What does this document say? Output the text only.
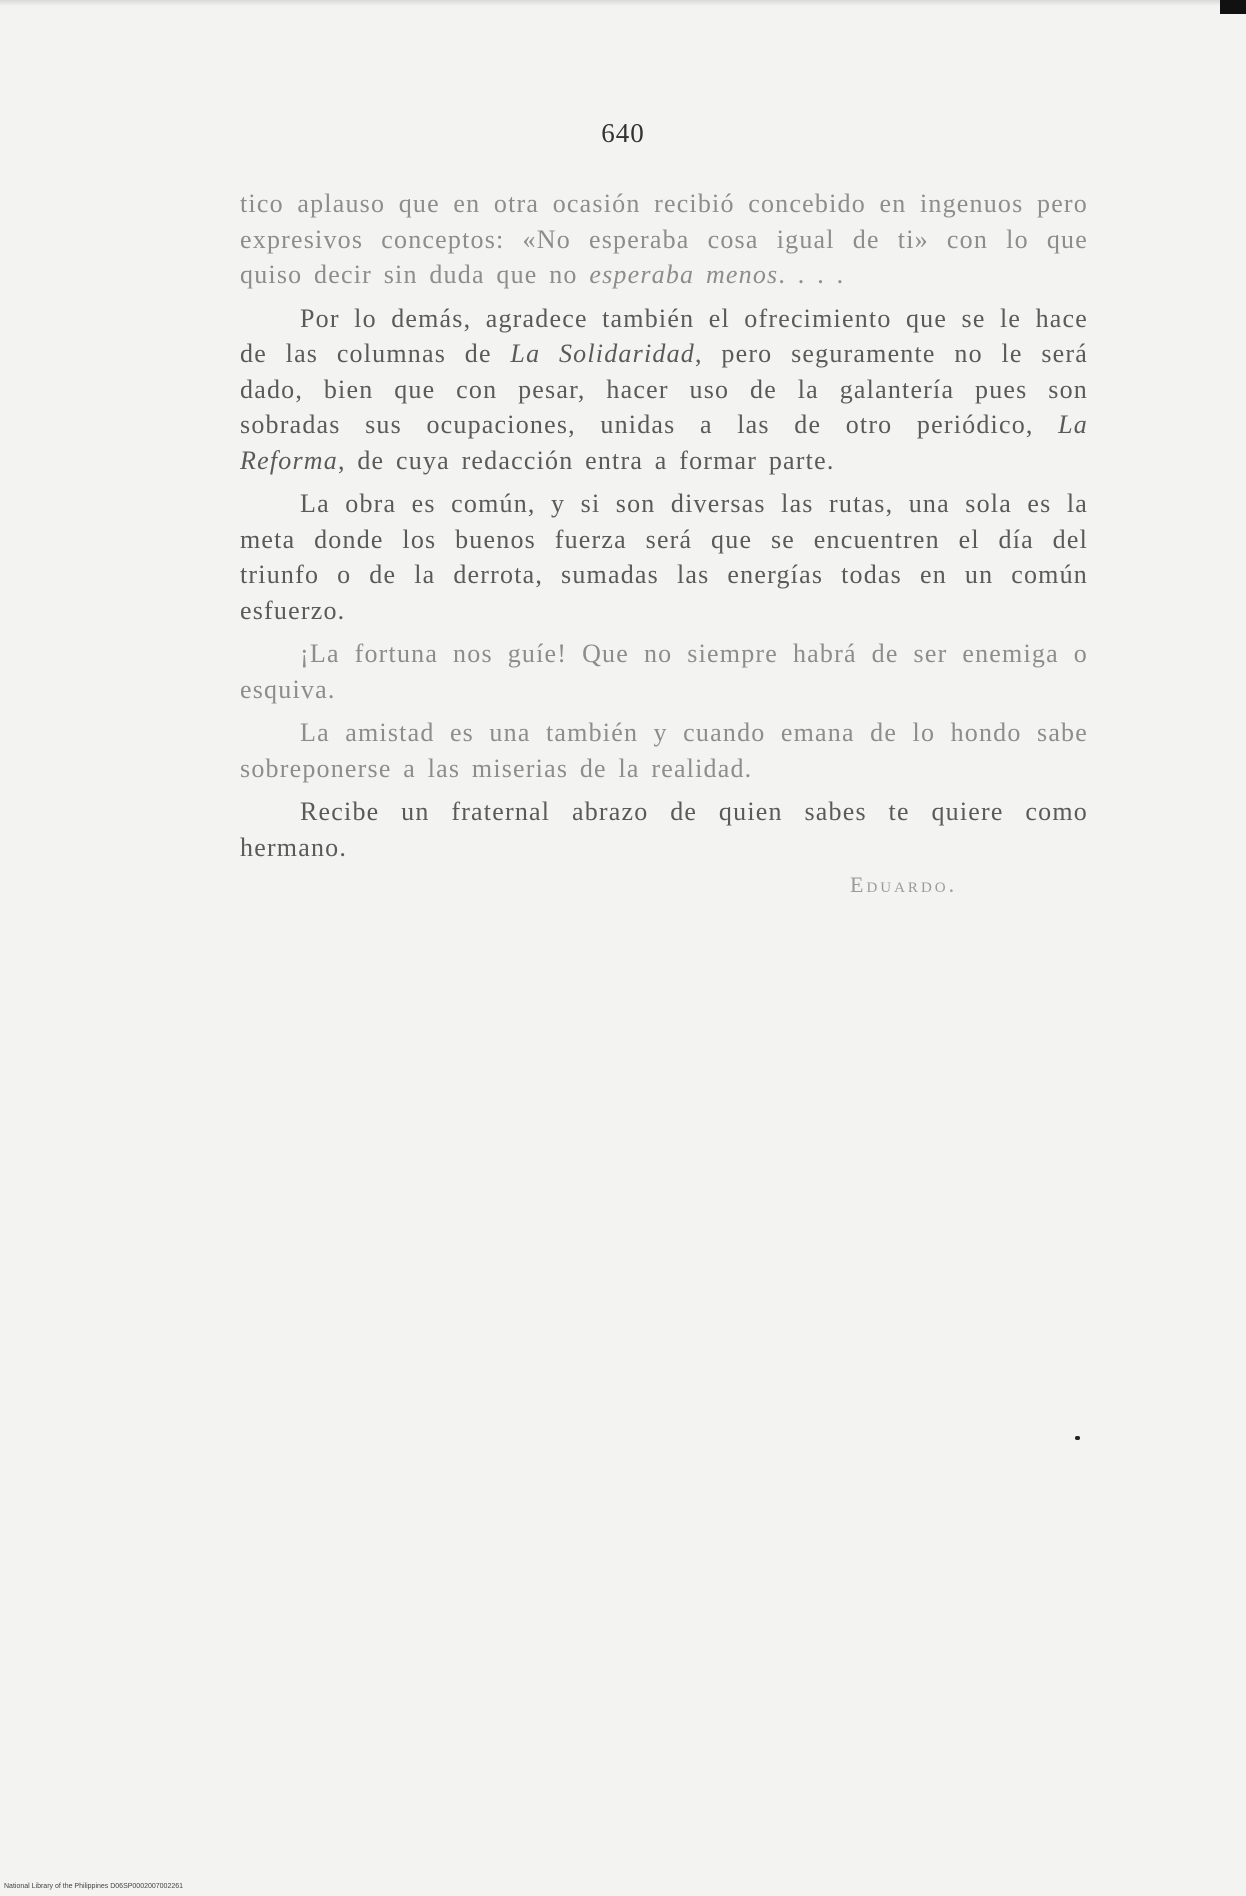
640

tico aplauso que en otra ocasión recibió concebido en ingenuos pero expresivos conceptos: «No esperaba cosa igual de ti» con lo que quiso decir sin duda que no esperaba menos. . . .

Por lo demás, agradece también el ofrecimiento que se le hace de las columnas de La Solidaridad, pero seguramente no le será dado, bien que con pesar, hacer uso de la galantería pues son sobradas sus ocupaciones, unidas a las de otro periódico, La Reforma, de cuya redacción entra a formar parte.

La obra es común, y si son diversas las rutas, una sola es la meta donde los buenos fuerza será que se encuentren el día del triunfo o de la derrota, sumadas las energías todas en un común esfuerzo.

¡La fortuna nos guíe! Que no siempre habrá de ser enemiga o esquiva.

La amistad es una también y cuando emana de lo hondo sabe sobreponerse a las miserias de la realidad.

Recibe un fraternal abrazo de quien sabes te quiere como hermano.

Eduardo.
National Library of the Philippines D06SP0002007002261
